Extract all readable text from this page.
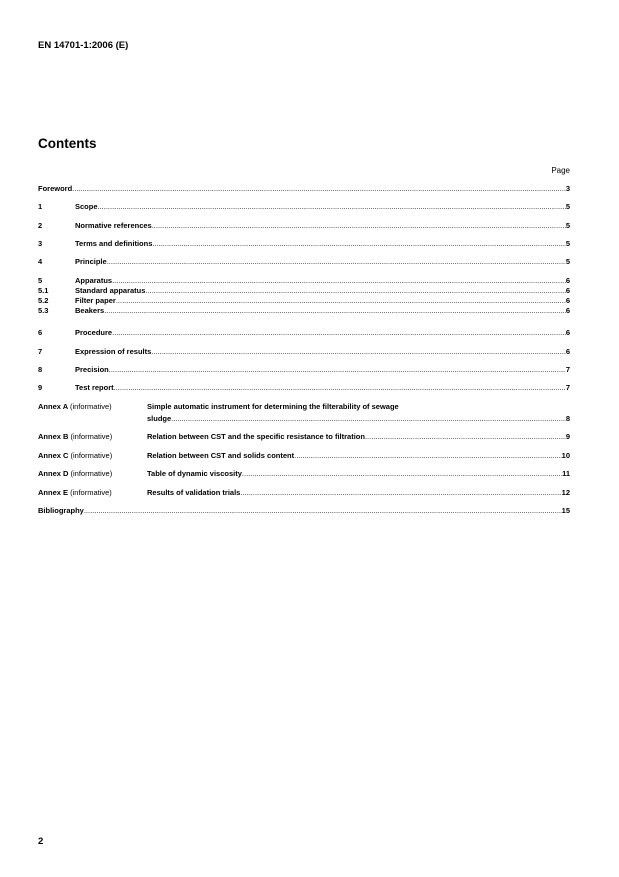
EN 14701-1:2006 (E)
Contents
Page
Foreword .....	3
1	Scope .....	5
2	Normative references .....	5
3	Terms and definitions .....	5
4	Principle .....	5
5	Apparatus .....	6
5.1	Standard apparatus .....	6
5.2	Filter paper .....	6
5.3	Beakers .....	6
6	Procedure .....	6
7	Expression of results .....	6
8	Precision .....	7
9	Test report .....	7
Annex A (informative)	Simple automatic instrument for determining the filterability of sewage
sludge .....	8
Annex B (informative)	Relation between CST and the specific resistance to filtration .....	9
Annex C (informative)	Relation between CST and solids content .....	10
Annex D (informative)	Table of dynamic viscosity .....	11
Annex E (informative)	Results of validation trials .....	12
Bibliography .....	15
2
